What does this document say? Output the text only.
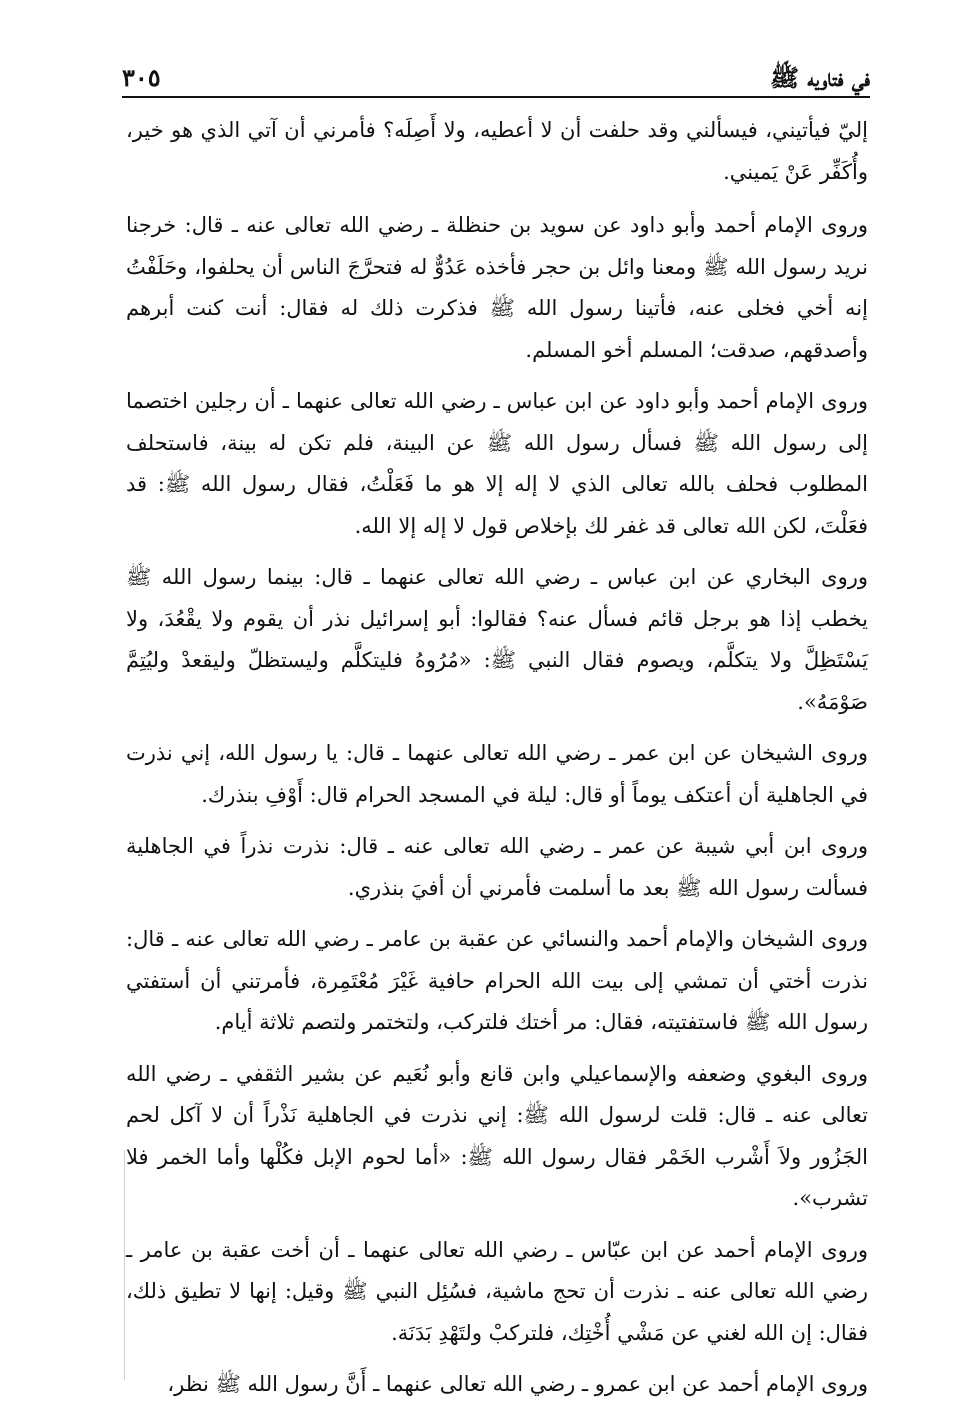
في فتاويه ﷺ
٣٠٥

إليّ فيأتيني، فيسألني وقد حلفت أن لا أعطيه، ولا أَصِلَه؟ فأمرني أن آتي الذي هو خير، وأُكَفِّر عَنْ يَميني.

وروى الإمام أحمد وأبو داود عن سويد بن حنظلة ـ رضي الله تعالى عنه ـ قال: خرجنا نريد رسول الله ﷺ ومعنا وائل بن حجر فأخذه عَدُوٌّ له فتحرَّجَ الناس أن يحلفوا، وحَلَفْتُ إنه أخي فخلى عنه، فأتينا رسول الله ﷺ فذكرت ذلك له فقال: أنت كنت أبرهم وأصدقهم، صدقت؛ المسلم أخو المسلم.

وروى الإمام أحمد وأبو داود عن ابن عباس ـ رضي الله تعالى عنهما ـ أن رجلين اختصما إلى رسول الله ﷺ فسأل رسول الله ﷺ عن البينة، فلم تكن له بينة، فاستحلف المطلوب فحلف بالله تعالى الذي لا إله إلا هو ما فَعَلْتُ، فقال رسول الله ﷺ: قد فعَلْتَ، لكن الله تعالى قد غفر لك بإخلاص قول لا إله إلا الله.

وروى البخاري عن ابن عباس ـ رضي الله تعالى عنهما ـ قال: بينما رسول الله ﷺ يخطب إذا هو برجل قائم فسأل عنه؟ فقالوا: أبو إسرائيل نذر أن يقوم ولا يقْعُدَ، ولا يَسْتَظِلَّ ولا يتكلَّم، ويصوم فقال النبي ﷺ: «مُرُوهُ فليتكلَّم وليستظلّ وليقعدْ وليُتِمَّ صَوْمَهُ».

وروى الشيخان عن ابن عمر ـ رضي الله تعالى عنهما ـ قال: يا رسول الله، إني نذرت في الجاهلية أن أعتكف يوماً أو قال: ليلة في المسجد الحرام قال: أَوْفِ بنذرك.

وروى ابن أبي شيبة عن عمر ـ رضي الله تعالى عنه ـ قال: نذرت نذراً في الجاهلية فسألت رسول الله ﷺ بعد ما أسلمت فأمرني أن أفيَ بنذري.

وروى الشيخان والإمام أحمد والنسائي عن عقبة بن عامر ـ رضي الله تعالى عنه ـ قال: نذرت أختي أن تمشي إلى بيت الله الحرام حافية غَيْرَ مُعْتَمِرة، فأمرتني أن أستفتي رسول الله ﷺ فاستفتيته، فقال: مر أختك فلتركب، ولتختمر ولتصم ثلاثة أيام.

وروى البغوي وضعفه والإسماعيلي وابن قانع وأبو نُعَيم عن بشير الثقفي ـ رضي الله تعالى عنه ـ قال: قلت لرسول الله ﷺ: إني نذرت في الجاهلية نَذْراً أن لا آكل لحم الجَزُور ولاَ أَشْرب الخَمْر فقال رسول الله ﷺ: «أما لحوم الإبل فكُلْها وأما الخمر فلا تشرب».

وروى الإمام أحمد عن ابن عبّاس ـ رضي الله تعالى عنهما ـ أن أخت عقبة بن عامر ـ رضي الله تعالى عنه ـ نذرت أن تحج ماشية، فسُئِل النبي ﷺ وقيل: إنها لا تطيق ذلك، فقال: إن الله لغني عن مَشْي أُخْتِك، فلتركبْ ولتَهْدِ بَدَنَة.

وروى الإمام أحمد عن ابن عمرو ـ رضي الله تعالى عنهما ـ أَنَّ رسول الله ﷺ نظر،
